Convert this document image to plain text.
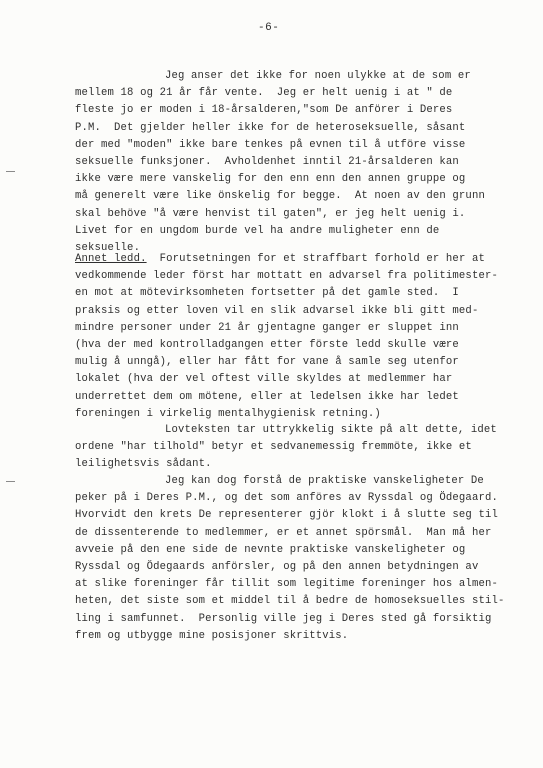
-6-
Jeg anser det ikke for noen ulykke at de som er
mellem 18 og 21 år får vente.  Jeg er helt uenig i at " de
fleste jo er moden i 18-årsalderen,"som De anförer i Deres
P.M.  Det gjelder heller ikke for de heteroseksuelle, såsant
der med "moden" ikke bare tenkes på evnen til å utföre visse
seksuelle funksjoner.  Avholdenhet inntil 21-årsalderen kan
ikke være mere vanskelig for den enn enn den annen gruppe og
må generelt være like önskelig for begge.  At noen av den grunn
skal behöve "å være henvist til gaten", er jeg helt uenig i.
Livet for en ungdom burde vel ha andre muligheter enn de
seksuelle.
Annet ledd.  Forutsetningen for et straffbart forhold er her at
vedkommende leder först har mottatt en advarsel fra politimester-
en mot at mötevirksomheten fortsetter på det gamle sted.  I
praksis og etter loven vil en slik advarsel ikke bli gitt med-
mindre personer under 21 år gjentagne ganger er sluppet inn
(hva der med kontrolladgangen etter förste ledd skulle være
mulig å unngå), eller har fått for vane å samle seg utenfor
lokalet (hva der vel oftest ville skyldes at medlemmer har
underrettet dem om mötene, eller at ledelsen ikke har ledet
foreningen i virkelig mentalhygienisk retning.)
Lovteksten tar uttrykkelig sikte på alt dette, idet
ordene "har tilhold" betyr et sedvanemessig fremmöte, ikke et
leilighetsvis sådant.
Jeg kan dog forstå de praktiske vanskeligheter De
peker på i Deres P.M., og det som anföres av Ryssdal og Ödegaard.
Hvorvidt den krets De representerer gjör klokt i å slutte seg til
de dissenterende to medlemmer, er et annet spörsmål.  Man må her
avveie på den ene side de nevnte praktiske vanskeligheter og
Ryssdal og Ödegaards anförsler, og på den annen betydningen av
at slike foreninger får tillit som legitime foreninger hos almen-
heten, det siste som et middel til å bedre de homoseksuelles stil-
ling i samfunnet.  Personlig ville jeg i Deres sted gå forsiktig
frem og utbygge mine posisjoner skrittvis.
